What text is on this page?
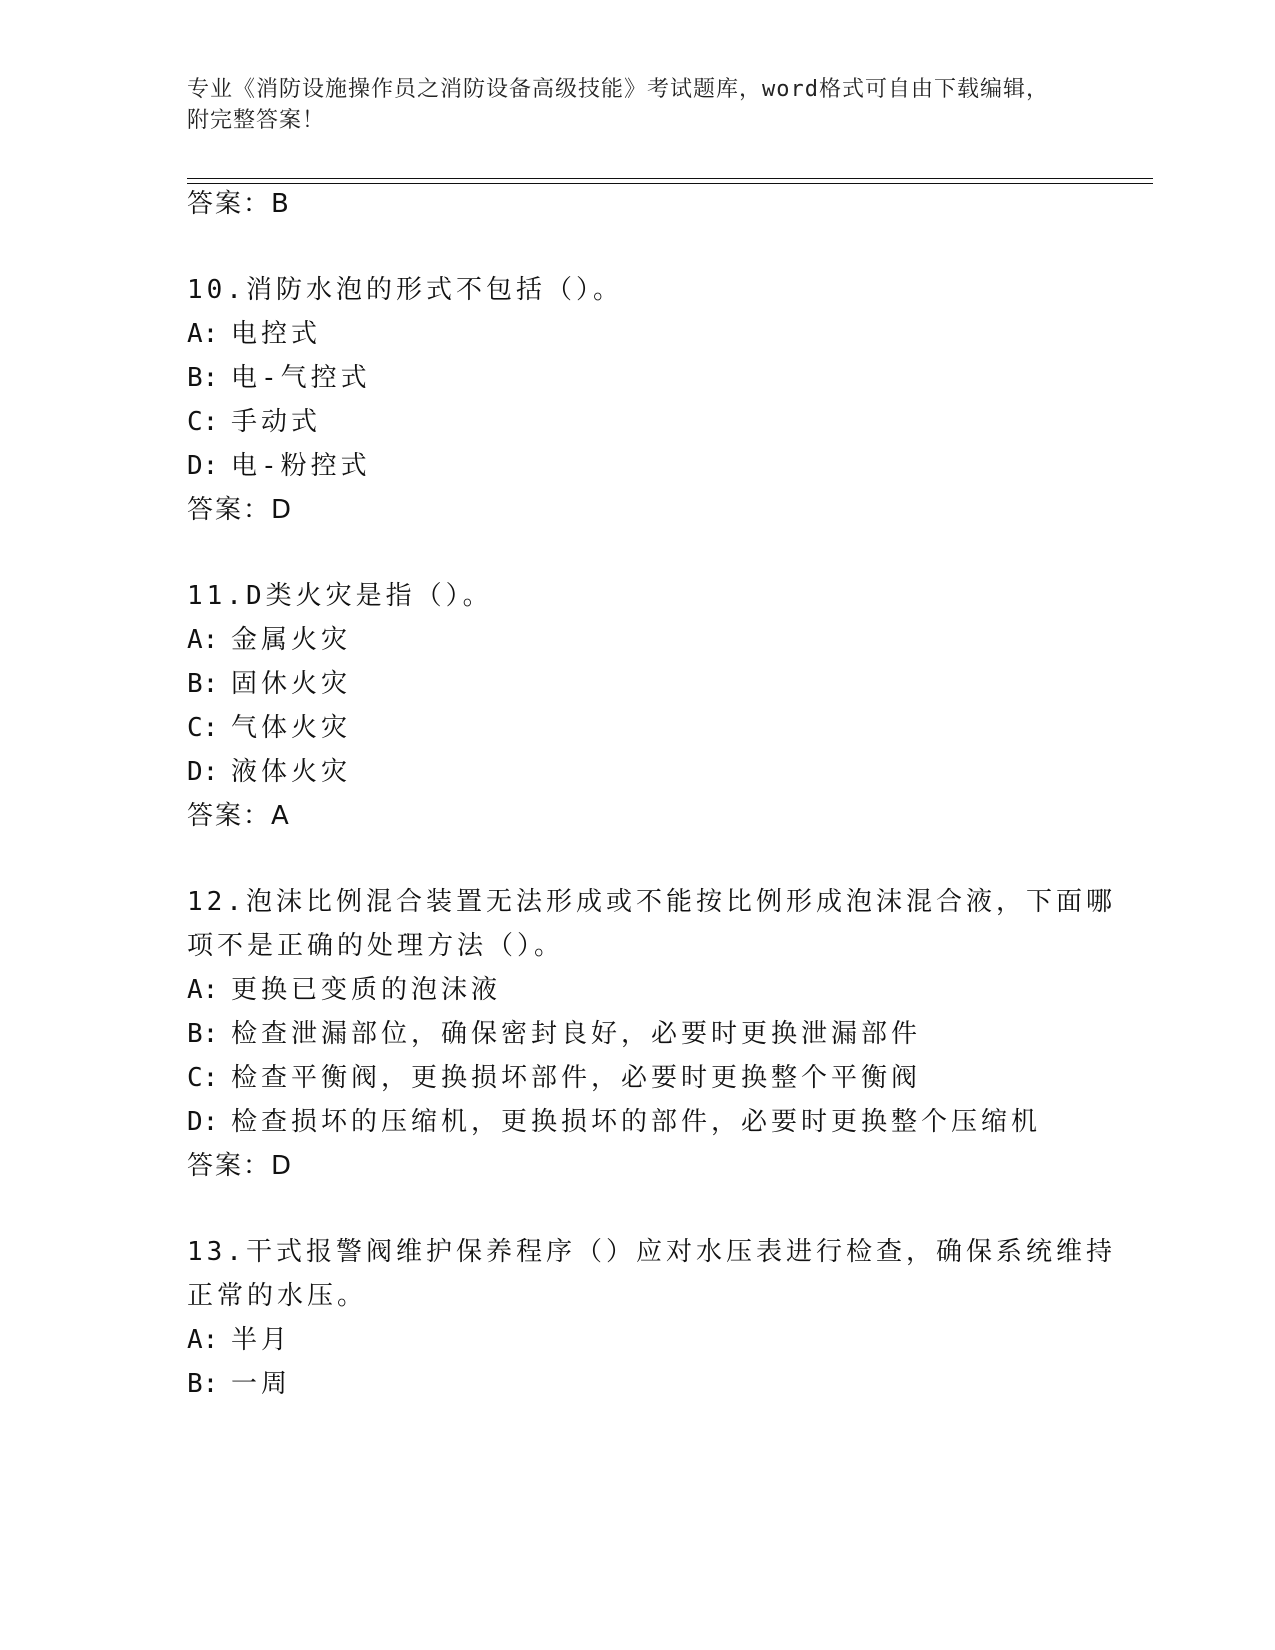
专业《消防设施操作员之消防设备高级技能》考试题库，word格式可自由下载编辑，附完整答案！
答案：B
10.消防水泡的形式不包括（）。
A: 电控式
B: 电-气控式
C: 手动式
D: 电-粉控式
答案：D
11.D类火灾是指（）。
A: 金属火灾
B: 固休火灾
C: 气体火灾
D: 液体火灾
答案：A
12.泡沫比例混合装置无法形成或不能按比例形成泡沫混合液，下面哪
项不是正确的处理方法（）。
A: 更换已变质的泡沫液
B: 检查泄漏部位，确保密封良好，必要时更换泄漏部件
C: 检查平衡阀，更换损坏部件，必要时更换整个平衡阀
D: 检查损坏的压缩机，更换损坏的部件，必要时更换整个压缩机
答案：D
13.干式报警阀维护保养程序（）应对水压表进行检查，确保系统维持
正常的水压。
A: 半月
B: 一周
